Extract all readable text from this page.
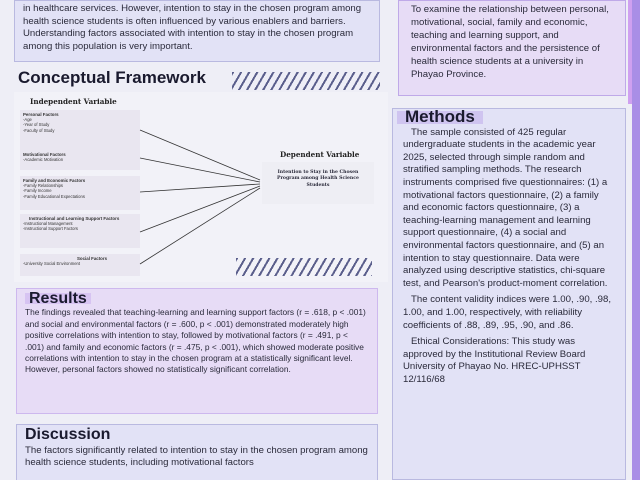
in healthcare services. However, intention to stay in the chosen program among health science students is often influenced by various enablers and barriers. Understanding factors associated with intention to stay in the chosen program among this population is very important.
To examine the relationship between personal, motivational, social, family and economic, teaching and learning support, and environmental factors and the persistence of health science students at a university in Phayao Province.
Conceptual Framework
Independent Variable
Dependent Variable
Personal Factors
-Age
-Year of Study
-Faculty of Study
Motivational Factors
-Academic Motivation
Family and Economic Factors
-Family Relationships
-Family Income
-Family Educational Expectations
Instructional and Learning Support Factors
-Instructional Management
-Instructional Support Factors
Social Factors
-University Social Environment
Intention to Stay in the Chosen Program among Health Science Students
Results
The findings revealed that teaching-learning and learning support factors (r = .618, p < .001) and social and environmental factors (r = .600, p < .001) demonstrated moderately high positive correlations with intention to stay, followed by motivational factors (r = .491, p < .001) and family and economic factors (r = .475, p < .001), which showed moderate positive correlations with intention to stay in the chosen program at a statistically significant level. However, personal factors showed no statistically significant correlation.
Discussion
The factors significantly related to intention to stay in the chosen program among health science students, including motivational factors
Methods

The sample consisted of 425 regular undergraduate students in the academic year 2025, selected through simple random and stratified sampling methods. The research instruments comprised five questionnaires: (1) a motivational factors questionnaire, (2) a family and economic factors questionnaire, (3) a teaching-learning management and learning support questionnaire, (4) a social and environmental factors questionnaire, and (5) an intention to stay questionnaire. Data were analyzed using descriptive statistics, chi-square test, and Pearson's product-moment correlation.

The content validity indices were 1.00, .90, .98, 1.00, and 1.00, respectively, with reliability coefficients of .88, .89, .95, .90, and .86.

Ethical Considerations: This study was approved by the Institutional Review Board University of Phayao No. HREC-UPHSST 12/116/68
